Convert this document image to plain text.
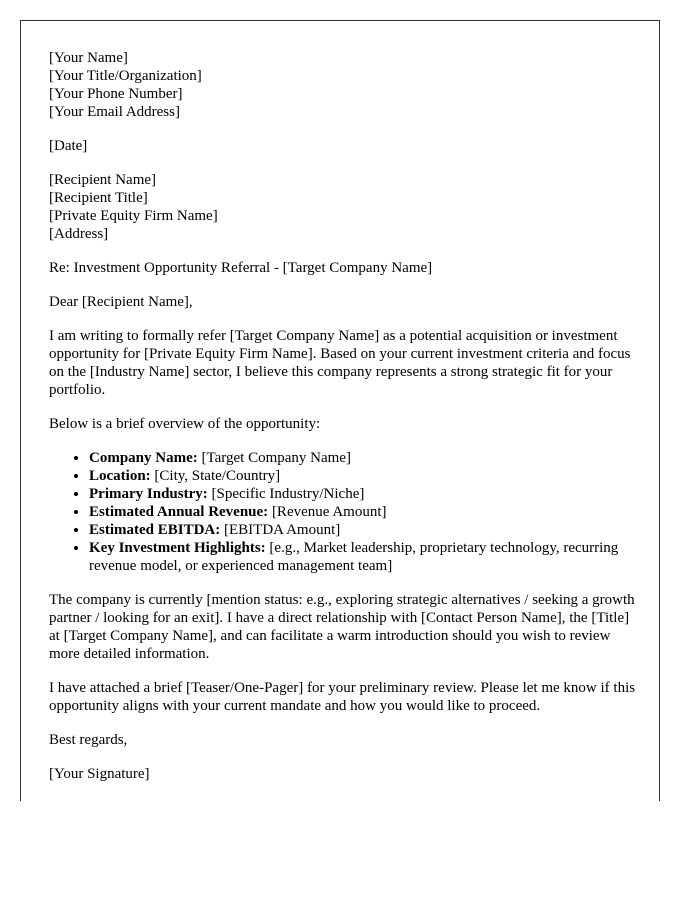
[Your Name]
[Your Title/Organization]
[Your Phone Number]
[Your Email Address]
[Date]
[Recipient Name]
[Recipient Title]
[Private Equity Firm Name]
[Address]

Re: Investment Opportunity Referral - [Target Company Name]

Dear [Recipient Name],

I am writing to formally refer [Target Company Name] as a potential acquisition or investment opportunity for [Private Equity Firm Name]. Based on your current investment criteria and focus on the [Industry Name] sector, I believe this company represents a strong strategic fit for your portfolio.

Below is a brief overview of the opportunity:

• Company Name: [Target Company Name]
• Location: [City, State/Country]
• Primary Industry: [Specific Industry/Niche]
• Estimated Annual Revenue: [Revenue Amount]
• Estimated EBITDA: [EBITDA Amount]
• Key Investment Highlights: [e.g., Market leadership, proprietary technology, recurring revenue model, or experienced management team]

The company is currently [mention status: e.g., exploring strategic alternatives / seeking a growth partner / looking for an exit]. I have a direct relationship with [Contact Person Name], the [Title] at [Target Company Name], and can facilitate a warm introduction should you wish to review more detailed information.

I have attached a brief [Teaser/One-Pager] for your preliminary review. Please let me know if this opportunity aligns with your current mandate and how you would like to proceed.

Best regards,

[Your Signature]
